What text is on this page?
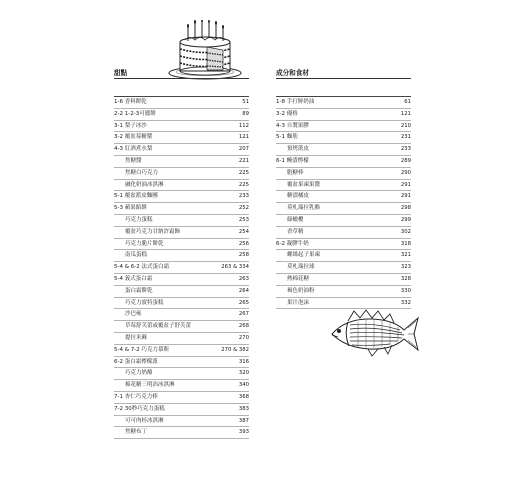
甜點
1-6 香料餅乾	51
2-2 1-2-3可麗餅	89
3-1 梨子冰沙	112
3-2 覆盆莓糖漿	121
4-3 紅酒煮水梨	207
焦糖醬	221
焦糖白巧克力	225
融化奶油冰淇淋	225
5-1 覆盆派皮麵團	233
5-3 蘋果餡餅	252
巧克力蛋糕	253
覆盆巧克力甘納許霜飾	254
巧克力脆片餅乾	256
南瓜蛋糕	258
5-4 & 6-2 法式蛋白霜	263 & 334
5-4 義式蛋白霜	263
蛋白霜餅乾	264
巧克力波特蛋糕	265
沙巴雍	267
草莓舒芙蕾或覆盆子舒芙蕾	268
提拉米蘇	270
5-4 & 7-2 巧克力慕斯	270 & 382
6-2 蛋白霜檸檬派	316
巧克力奶酪	320
棉花糖三明治冰淇淋	340
7-1 杏仁巧克力棒	368
7-2 30秒巧克力蛋糕	383
可可肉桂冰淇淋	387
焦糖布丁	393
成分和食材
1-8 手打鮮奶油	61
3-2 優格	121
4-3 自製果膠	210
5-1 麵筋	231
預烤派皮	233
6-1 醃漬檸檬	289
胞糖棒	290
覆盆果凍果醬	291
糖漬橘皮	291
莫札瑞拉乳酪	298
綠橄欖	299
香草精	302
6-2 凝膠牛奶	318
螺絲起子果凍	321
莫札瑞拉球	323
熱棉花糖	328
褐色奶油粉	330
果汁泡沫	332
